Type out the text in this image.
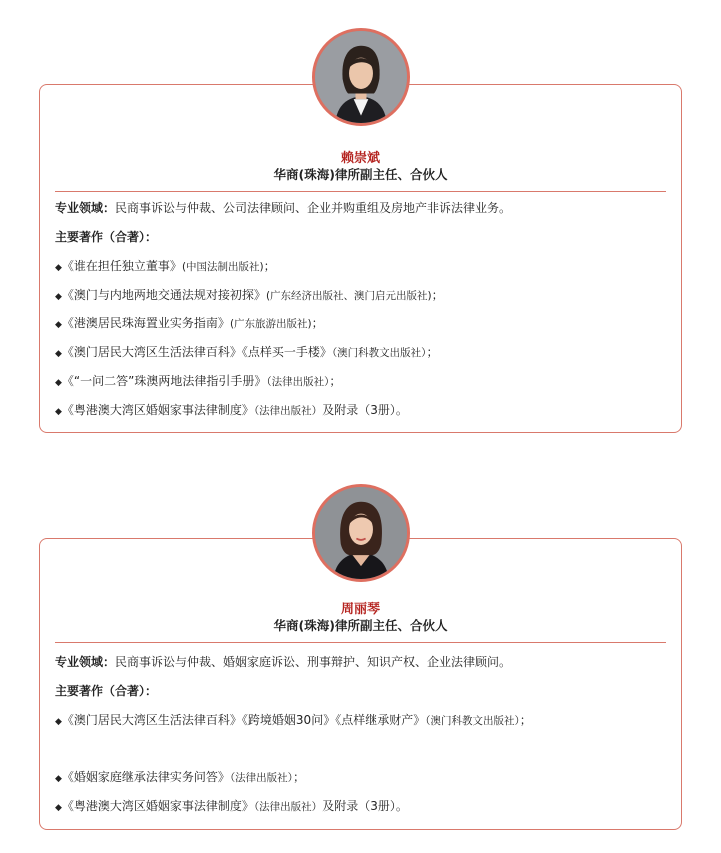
赖崇斌
华商(珠海)律所副主任、合伙人
专业领域：民商事诉讼与仲裁、公司法律顾问、企业并购重组及房地产非诉法律业务。
主要著作（合著）：
◆《谁在担任独立董事》(中国法制出版社)；
◆《澳门与内地两地交通法规对接初探》(广东经济出版社、澳门启元出版社)；
◆《港澳居民珠海置业实务指南》(广东旅游出版社)；
◆《澳门居民大湾区生活法律百科》《点样买一手楼》（澳门科教文出版社）；
◆《“一问二答”珠澳两地法律指引手册》（法律出版社）；
◆《粤港澳大湾区婚姻家事法律制度》（法律出版社）及附录（3册）。
周丽琴
华商(珠海)律所副主任、合伙人
专业领域：民商事诉讼与仲裁、婚姻家庭诉讼、刑事辩护、知识产权、企业法律顾问。
主要著作（合著）：
◆《澳门居民大湾区生活法律百科》《跨境婚姻30问》《点样继承财产》（澳门科教文出版社）；
◆《婚姻家庭继承法律实务问答》（法律出版社）；
◆《粤港澳大湾区婚姻家事法律制度》（法律出版社）及附录（3册）。
